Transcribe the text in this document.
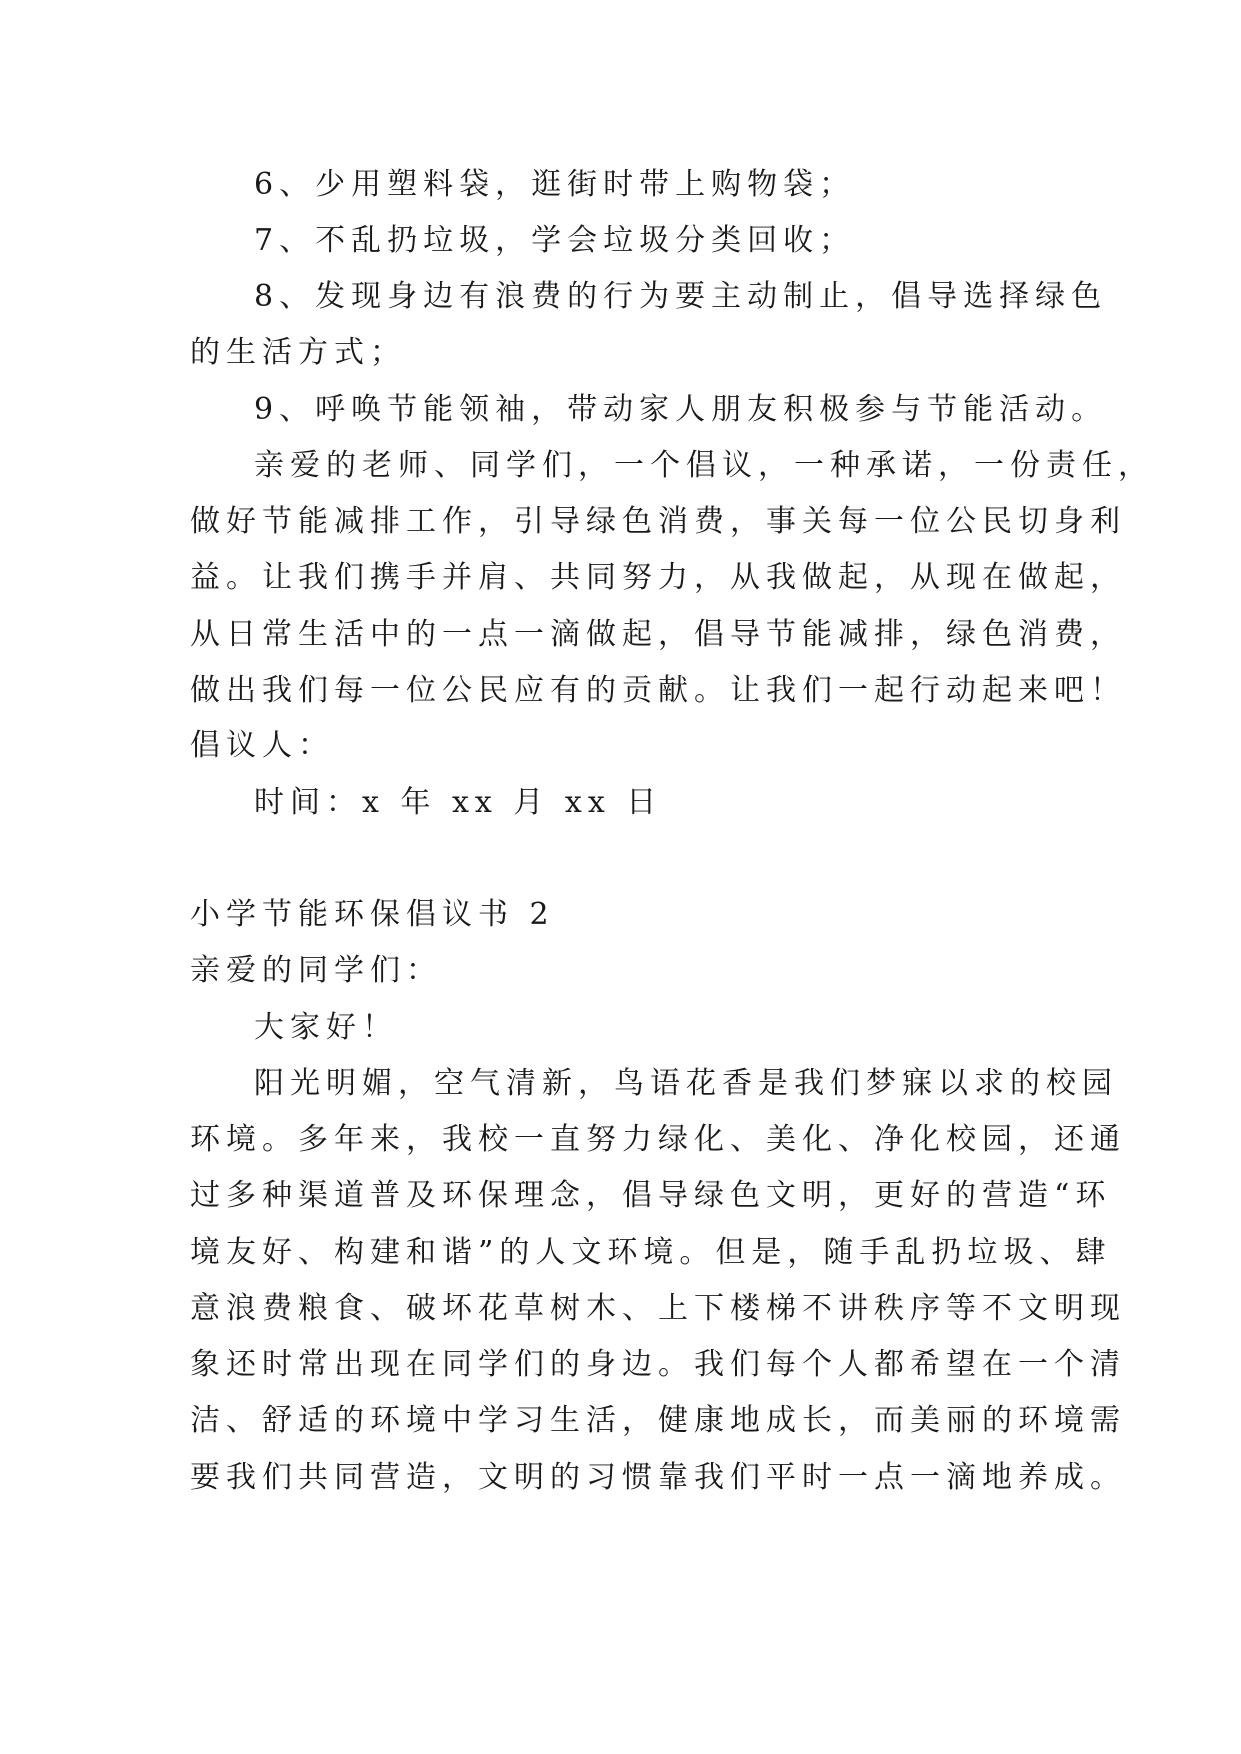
6、少用塑料袋，逛街时带上购物袋；
7、不乱扔垃圾，学会垃圾分类回收；
8、发现身边有浪费的行为要主动制止，倡导选择绿色
的生活方式；
9、呼唤节能领袖，带动家人朋友积极参与节能活动。
亲爱的老师、同学们，一个倡议，一种承诺，一份责任，
做好节能减排工作，引导绿色消费，事关每一位公民切身利
益。让我们携手并肩、共同努力，从我做起，从现在做起，
从日常生活中的一点一滴做起，倡导节能减排，绿色消费，
做出我们每一位公民应有的贡献。让我们一起行动起来吧！
倡议人：
时间：x 年 xx 月 xx 日
小学节能环保倡议书 2
亲爱的同学们：
大家好！
阳光明媚，空气清新，鸟语花香是我们梦寐以求的校园
环境。多年来，我校一直努力绿化、美化、净化校园，还通
过多种渠道普及环保理念，倡导绿色文明，更好的营造“环
境友好、构建和谐”的人文环境。但是，随手乱扔垃圾、肆
意浪费粮食、破坏花草树木、上下楼梯不讲秩序等不文明现
象还时常出现在同学们的身边。我们每个人都希望在一个清
洁、舒适的环境中学习生活，健康地成长，而美丽的环境需
要我们共同营造，文明的习惯靠我们平时一点一滴地养成。
